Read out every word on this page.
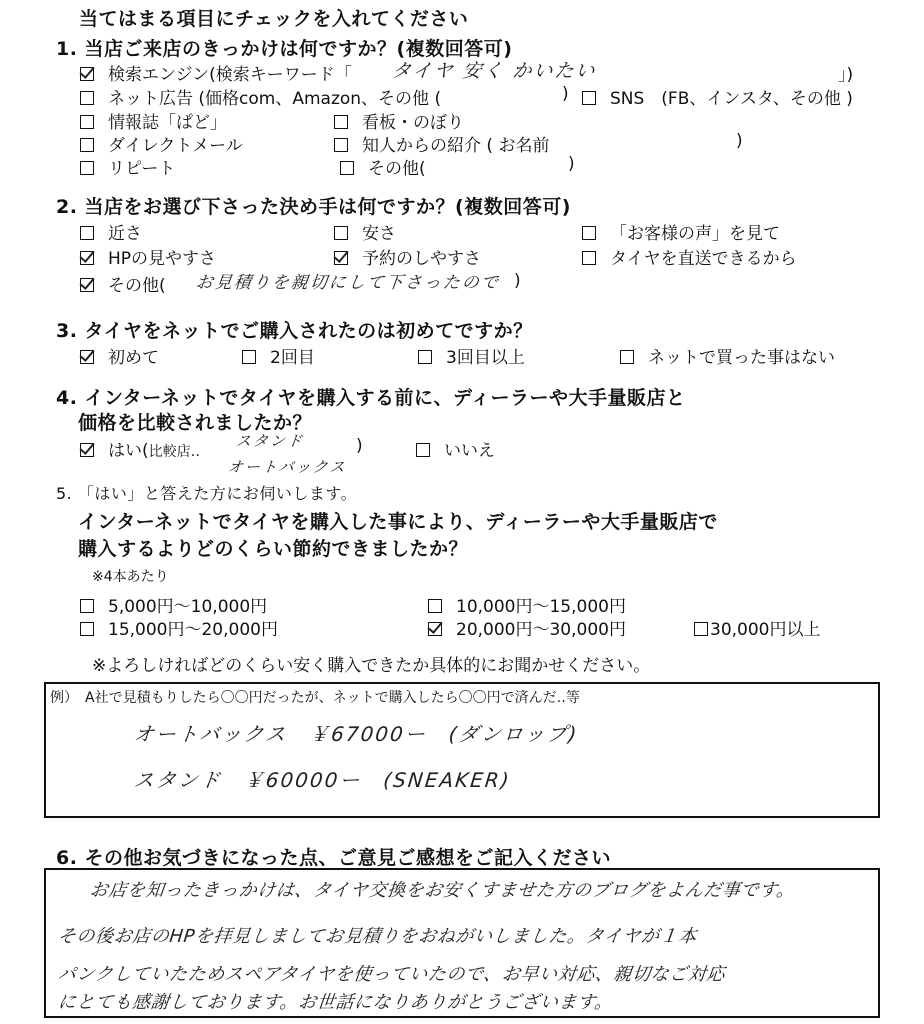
当てはまる項目にチェックを入れてください
1. 当店ご来店のきっかけは何ですか？(複数回答可)
検索エンジン(検索キーワード「 タイヤ 安く かいたい	」)
ネット広告 (価格com、Amazon、その他 (	)	SNS　(FB、インスタ、その他 )
情報誌「ぱど」	看板・のぼり
ダイレクトメール	知人からの紹介 ( お名前	)
リピート	その他(	)
2. 当店をお選び下さった決め手は何ですか？(複数回答可)
近さ	安さ	「お客様の声」を見て
HPの見やすさ	予約のしやすさ	タイヤを直送できるから
その他( お見積りを親切にして下さったので )
3. タイヤをネットでご購入されたのは初めてですか？
初めて	2回目	3回目以上	ネットで買った事はない
4. インターネットでタイヤを購入する前に、ディーラーや大手量販店と
価格を比較されましたか？
はい(比較店‥
スタンド
オートバックス
)	いいえ
5. 「はい」と答えた方にお伺いします。
インターネットでタイヤを購入した事により、ディーラーや大手量販店で
購入するよりどのくらい節約できましたか？
※4本あたり
5,000円～10,000円	10,000円～15,000円
15,000円～20,000円	20,000円～30,000円	30,000円以上
※よろしければどのくらい安く購入できたか具体的にお聞かせください。
例）　A社で見積もりしたら〇〇円だったが、ネットで購入したら〇〇円で済んだ‥等
オートバックス　￥67000ー　(ダンロップ)
スタンド　￥60000ー　(SNEAKER)
6. その他お気づきになった点、ご意見ご感想をご記入ください
お店を知ったきっかけは、タイヤ交換をお安くすませた方のブログをよんだ事です。
その後お店のHPを拝見しましてお見積りをおねがいしました。タイヤが１本
パンクしていたためスペアタイヤを使っていたので、お早い対応、親切なご対応
にとても感謝しております。お世話になりありがとうございます。
